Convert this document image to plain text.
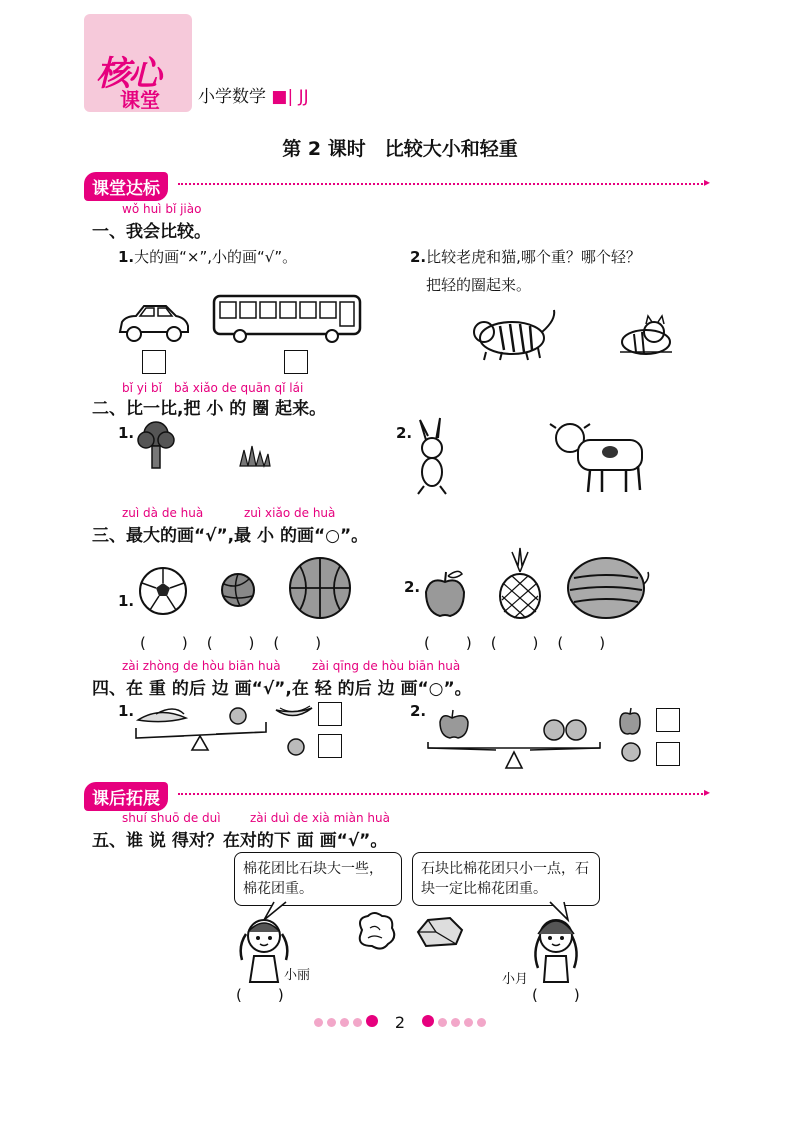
核心
课堂 小学数学 ■| JJ
第 2 课时　比较大小和轻重
课堂达标	▸
wǒ huì bǐ jiào
一、我会比较。
1.大的画“×”,小的画“√”。	2.比较老虎和猫,哪个重？哪个轻？
把轻的圈起来。
bǐ yi bǐ　bǎ xiǎo de quān qǐ lái
二、比一比,把 小 的 圈 起来。
1.	2.
zuì dà de huà	zuì xiǎo de huà
三、最大的画“√”,最 小 的画“○”。
1.
2.
(　　)　(　　)　(　　)	(　　)　(　　)　(　　)
zài zhòng de hòu biān huà	zài qīng de hòu biān huà
四、在 重 的后 边 画“√”,在 轻 的后 边 画“○”。
1.	2.
课后拓展	▸
shuí shuō de duì zài duì de xià miàn huà
五、谁 说 得对？在对的下 面 画“√”。
棉花团比石块大一些，棉花团重。
石块比棉花团只小一点，石块一定比棉花团重。
小丽
(　　)
小月
(　　)
2
